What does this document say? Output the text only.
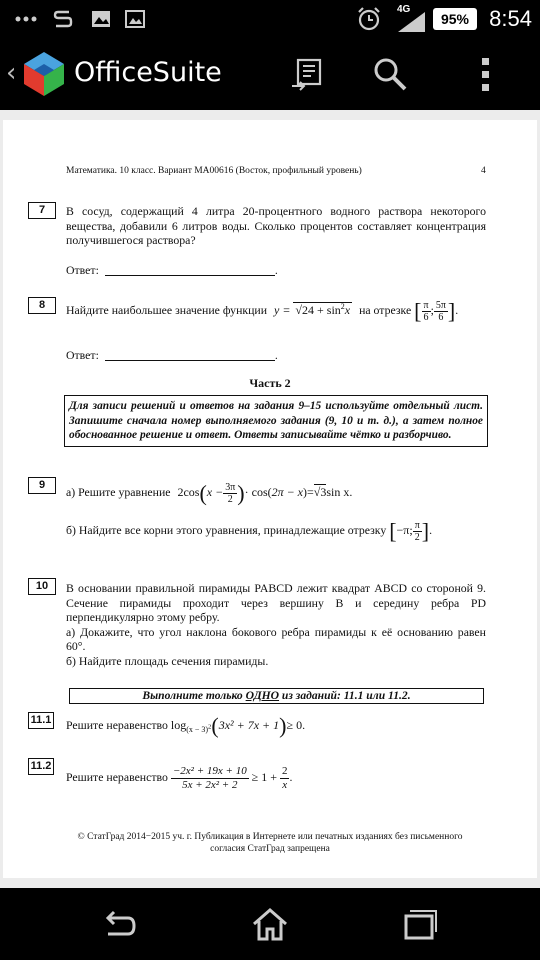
4G
95% 8:54
‹ OfficeSuite
Математика. 10 класс. Вариант MA00616 (Восток, профильный уровень)	4
7	В сосуд, содержащий 4 литра 20-процентного водного раствора некоторого вещества, добавили 6 литров воды. Сколько процентов составляет концентрация получившегося раствора?
Ответ:	.
8	Найдите наибольшее значение функции $y = √24 + \sin^2x$ на отрезке [ $\frac{\pi}{6}$ ; $\frac{5\pi}{6}$ ].
Ответ:	.
Часть 2
Для записи решений и ответов на задания 9–15 используйте отдельный лист. Запишите сначала номер выполняемого задания (9, 10 и т. д.), а затем полное обоснованное решение и ответ. Ответы записывайте чётко и разборчиво.
9
а) Решите уравнение $2\cos(x - \frac{3\pi}{2}$ )· cos(2π − x)=√3sin x.
б) Найдите все корни этого уравнения, принадлежащие отрезку [−π; $\frac{\pi}{2}$ ].
10	В основании правильной пирамиды PABCD лежит квадрат ABCD со стороной 9. Сечение пирамиды проходит через вершину B и середину ребра PD перпендикулярно этому ребру.
а) Докажите, что угол наклона бокового ребра пирамиды к её основанию равен 60°.
б) Найдите площадь сечения пирамиды.
Выполните только ОДНО из заданий: 11.1 или 11.2.
11.1 Решите неравенство $\log_{(x - 3)^2}(3x^2 + 7x + 1)\ge 0$.
11.2
Решите неравенство $\frac{\text{−2x² + 19x + 10}}{\text{5x + 2x² + 2}} \ge 1 + \frac{2}{x}$ .
© СтатГрад 2014−2015 уч. г. Публикация в Интернете или печатных изданиях без письменного
согласия СтатГрад запрещена
